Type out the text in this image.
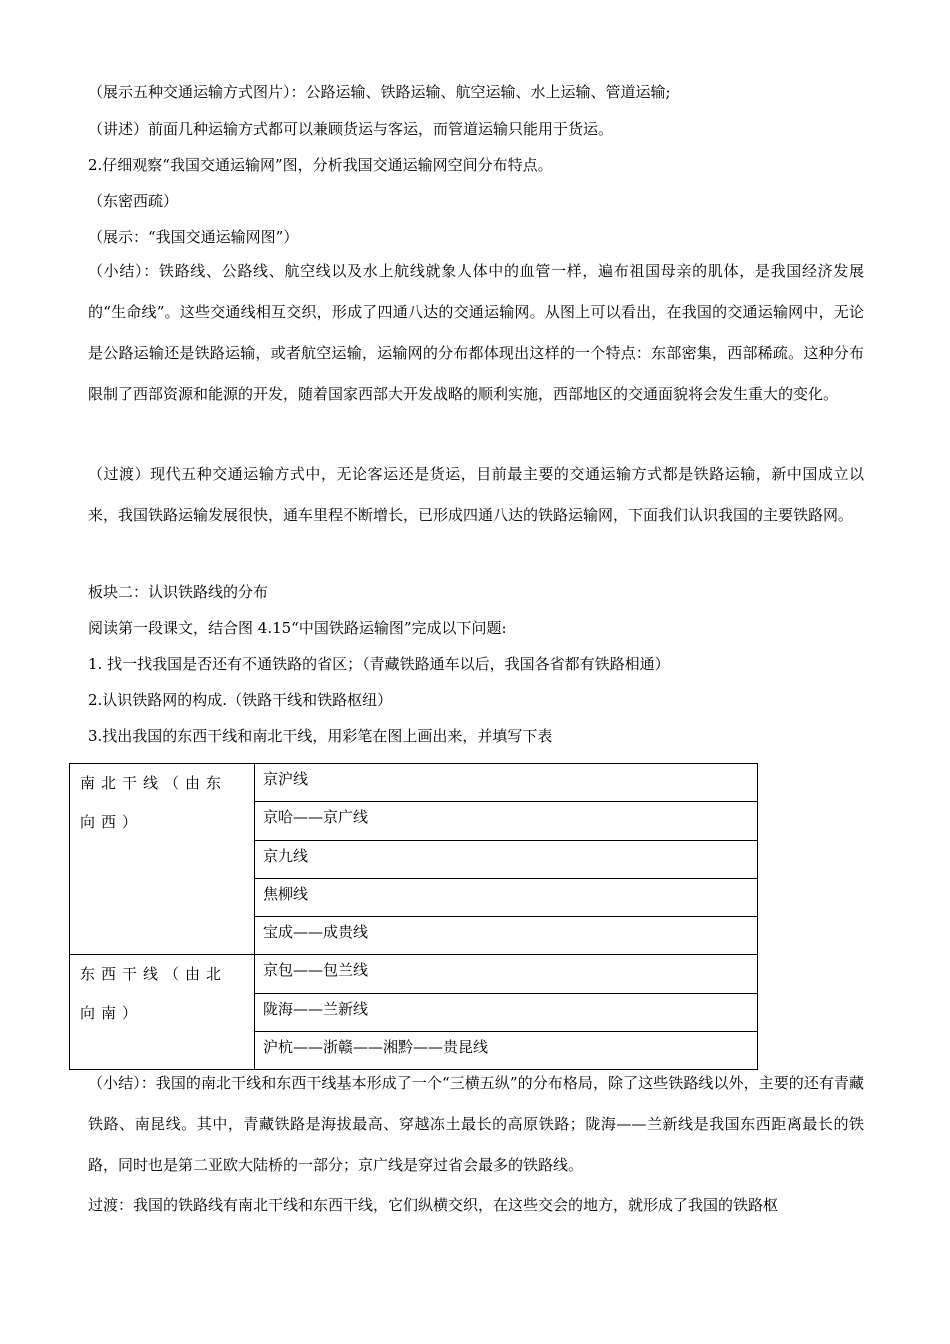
（展示五种交通运输方式图片）：公路运输、铁路运输、航空运输、水上运输、管道运输;
（讲述）前面几种运输方式都可以兼顾货运与客运，而管道运输只能用于货运。
2.仔细观察“我国交通运输网”图，分析我国交通运输网空间分布特点。
（东密西疏）
（展示：“我国交通运输网图”）
（小结）：铁路线、公路线、航空线以及水上航线就象人体中的血管一样，遍布祖国母亲的肌体，是我国经济发展的“生命线”。这些交通线相互交织，形成了四通八达的交通运输网。从图上可以看出，在我国的交通运输网中，无论是公路运输还是铁路运输，或者航空运输，运输网的分布都体现出这样的一个特点：东部密集，西部稀疏。这种分布限制了西部资源和能源的开发，随着国家西部大开发战略的顺利实施，西部地区的交通面貌将会发生重大的变化。
（过渡）现代五种交通运输方式中，无论客运还是货运，目前最主要的交通运输方式都是铁路运输，新中国成立以来，我国铁路运输发展很快，通车里程不断增长，已形成四通八达的铁路运输网，下面我们认识我国的主要铁路网。
板块二：认识铁路线的分布
阅读第一段课文，结合图 4.15“中国铁路运输图”完成以下问题:
1. 找一找我国是否还有不通铁路的省区；（青藏铁路通车以后，我国各省都有铁路相通）
2.认识铁路网的构成.（铁路干线和铁路枢纽）
3.找出我国的东西干线和南北干线，用彩笔在图上画出来，并填写下表
南北干线（由东向西）	京沪线
	京哈——京广线
	京九线
	焦柳线
	宝成——成贵线
东西干线（由北向南）	京包——包兰线
	陇海——兰新线
	沪杭——浙赣——湘黔——贵昆线
（小结）：我国的南北干线和东西干线基本形成了一个“三横五纵”的分布格局，除了这些铁路线以外，主要的还有青藏铁路、南昆线。其中，青藏铁路是海拔最高、穿越冻土最长的高原铁路；陇海——兰新线是我国东西距离最长的铁路，同时也是第二亚欧大陆桥的一部分；京广线是穿过省会最多的铁路线。
过渡：我国的铁路线有南北干线和东西干线，它们纵横交织，在这些交会的地方，就形成了我国的铁路枢
